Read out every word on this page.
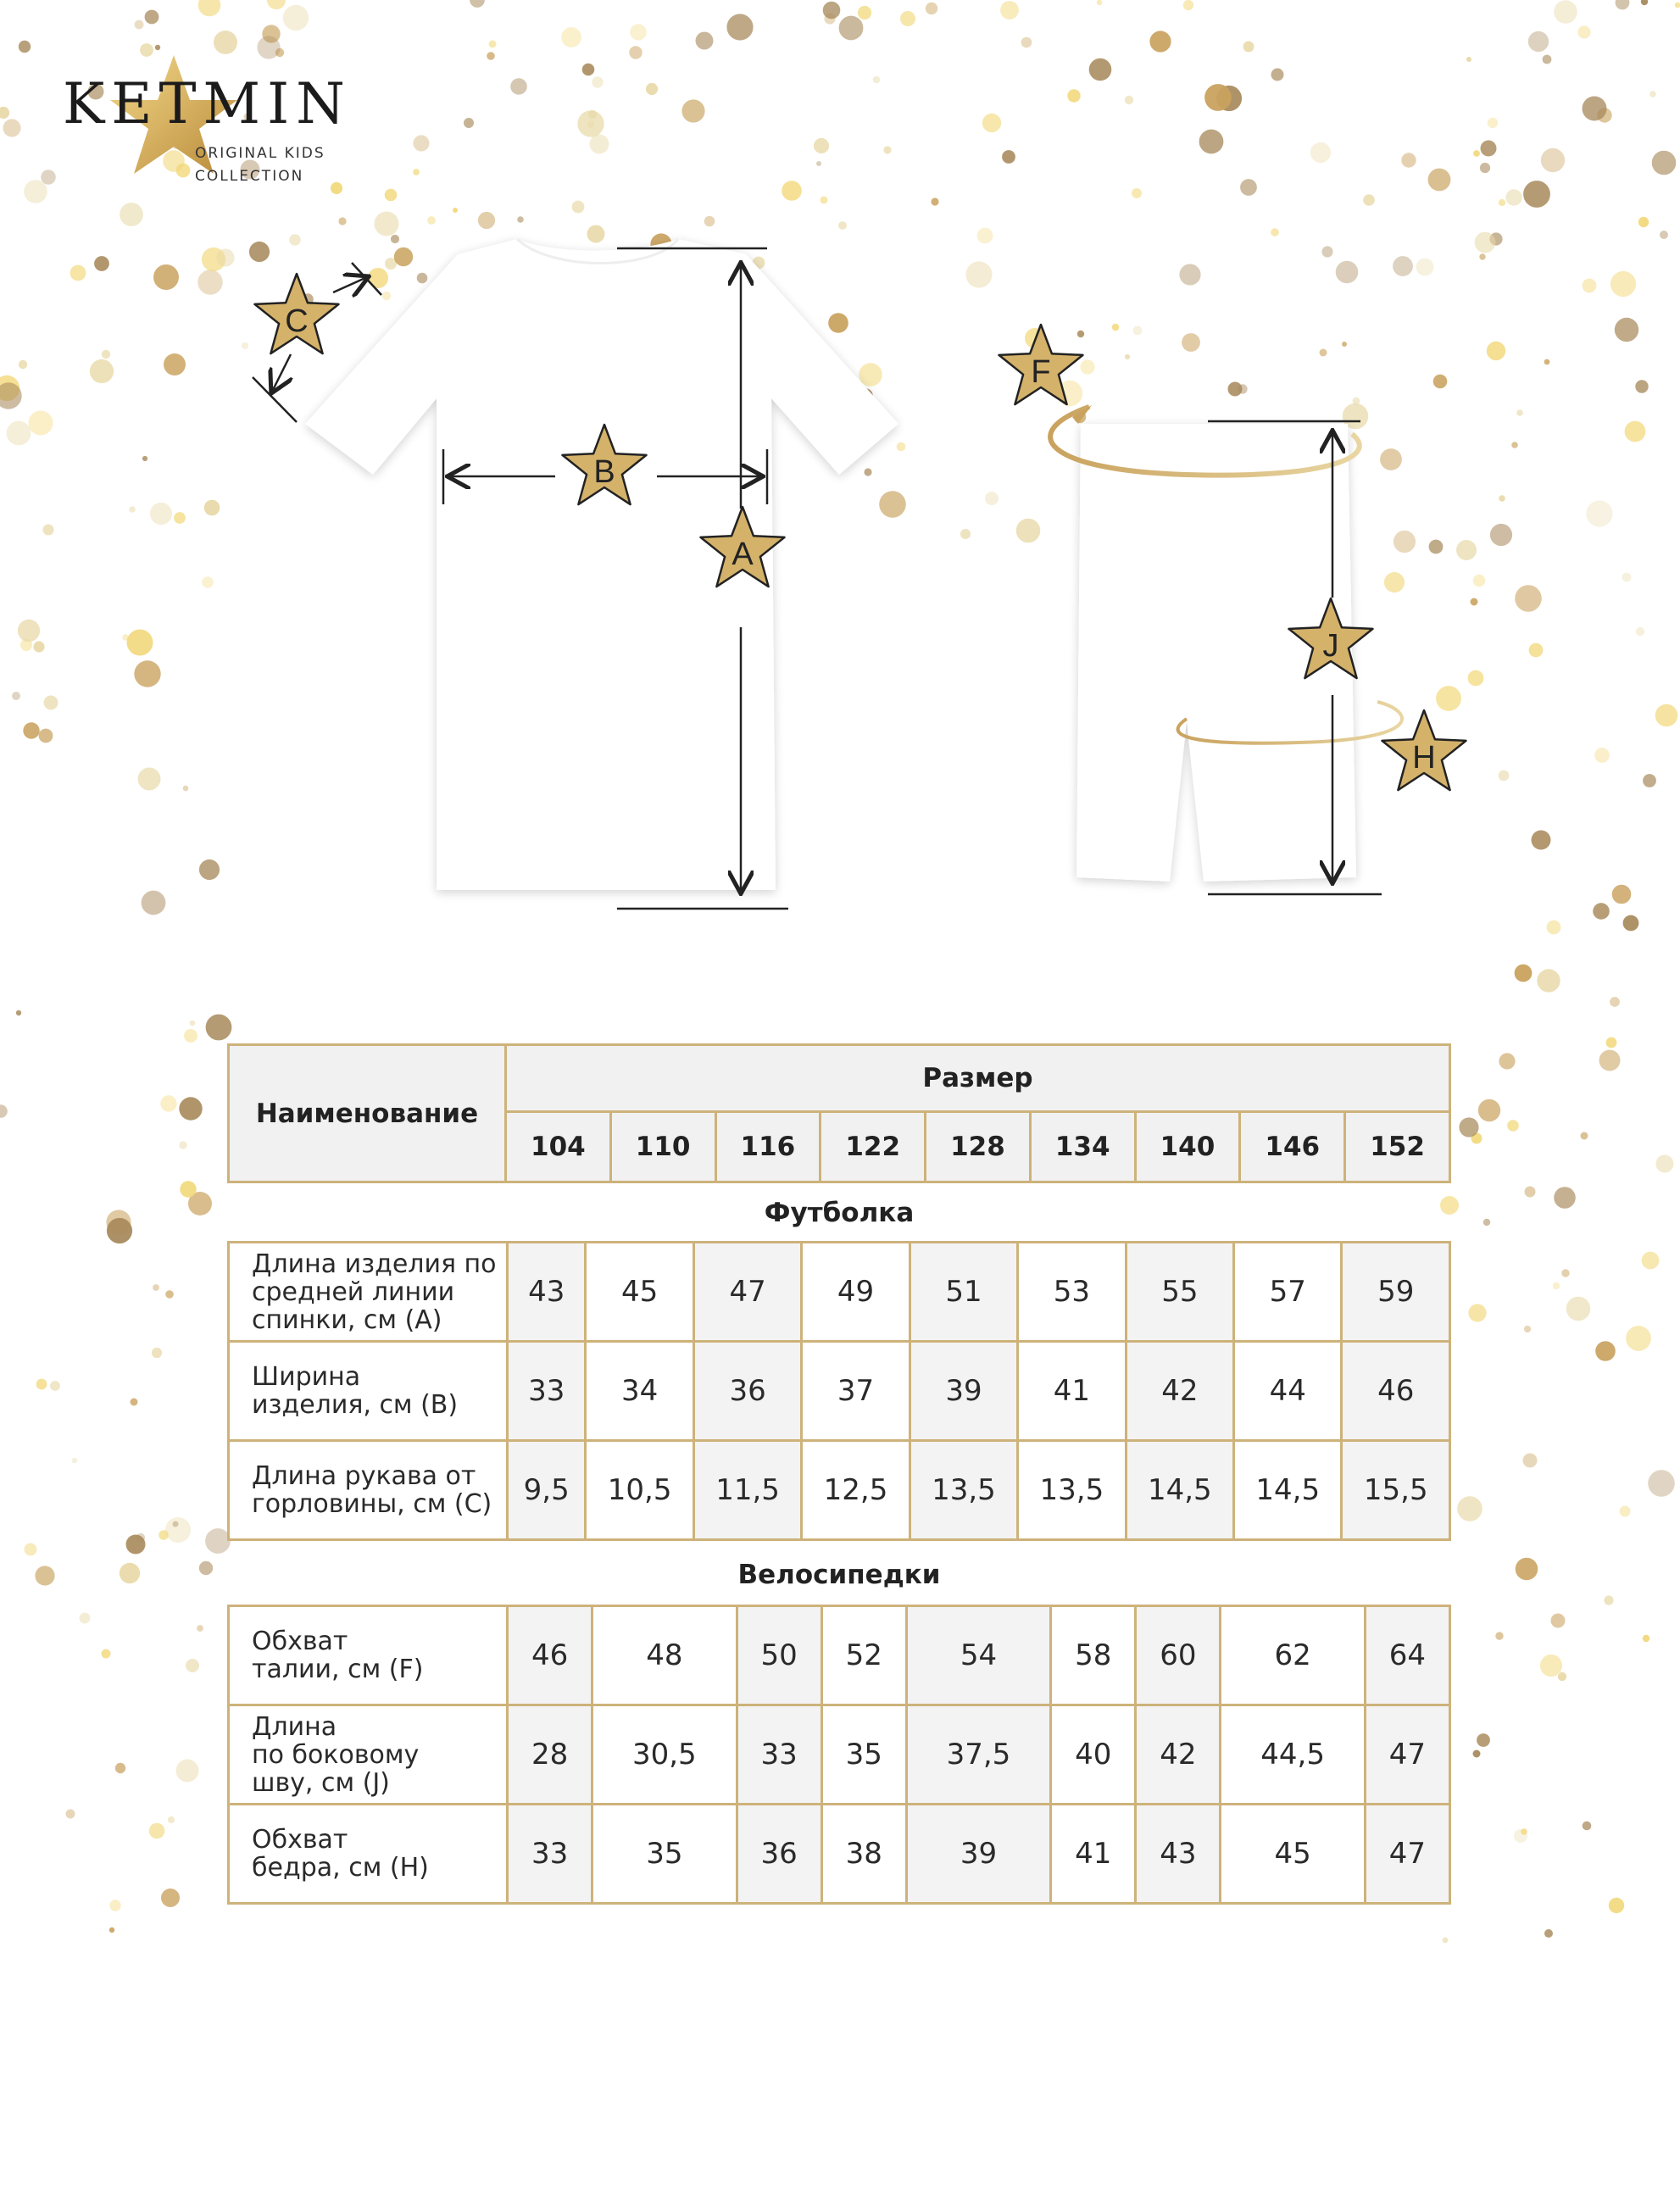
KETMIN
ORIGINAL KIDS
COLLECTION
A
B
C
F
J
H
Наименование	Размер								
	104	110	116	122	128	134	140	146	152
Футболка
Длина изделия по
средней линии
спинки, см (А)	43	45	47	49	51	53	55	57	59

Ширина
изделия, см (В)	33	34	36	37	39	41	42	44	46

Длина рукава от
горловины, см (С)	9,5	10,5	11,5	12,5	13,5	13,5	14,5	14,5	15,5
Велосипедки
Обхват
талии, см (F)	46	48	50	52	54	58	60	62	64

Длина
по боковому
шву, см (J)	28	30,5	33	35	37,5	40	42	44,5	47

Обхват
бедра, см (Н)	33	35	36	38	39	41	43	45	47
